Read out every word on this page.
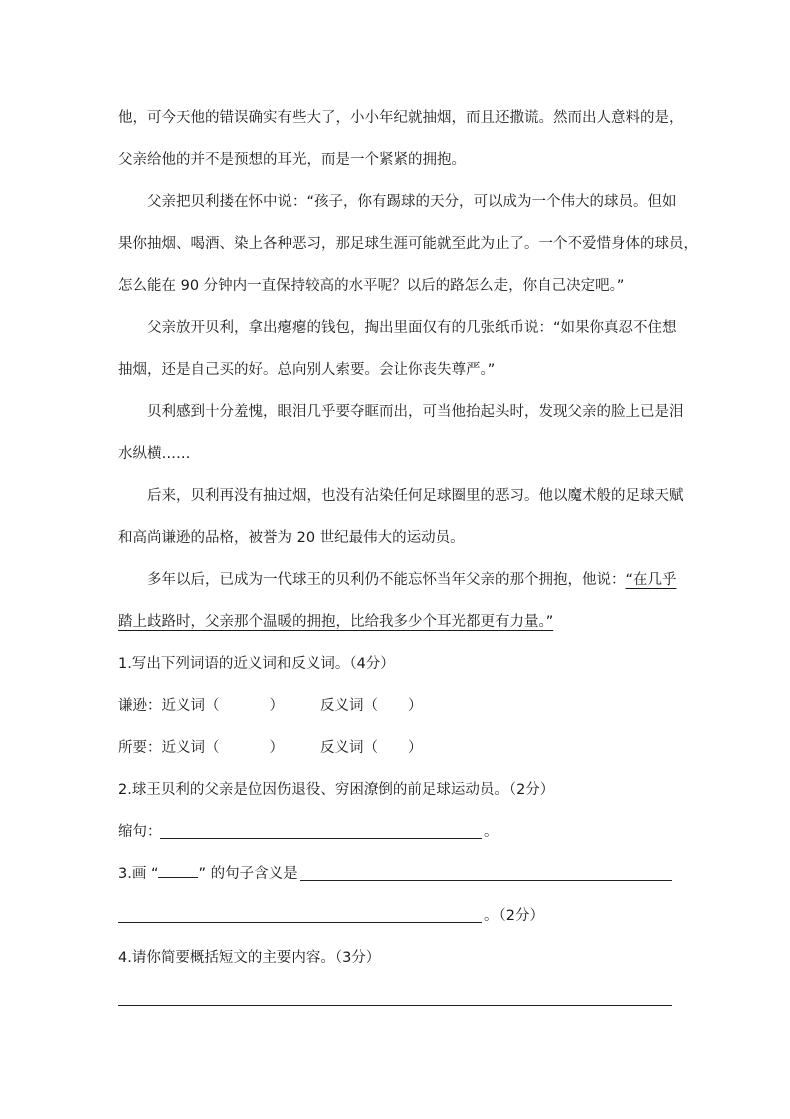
他，可今天他的错误确实有些大了，小小年纪就抽烟，而且还撒谎。然而出人意料的是，
父亲给他的并不是预想的耳光，而是一个紧紧的拥抱。
父亲把贝利搂在怀中说：“孩子，你有踢球的天分，可以成为一个伟大的球员。但如
果你抽烟、喝酒、染上各种恶习，那足球生涯可能就至此为止了。一个不爱惜身体的球员，
怎么能在 90 分钟内一直保持较高的水平呢？以后的路怎么走，你自己决定吧。”
父亲放开贝利，拿出瘪瘪的钱包，掏出里面仅有的几张纸币说：“如果你真忍不住想
抽烟，还是自己买的好。总向别人索要。会让你丧失尊严。”
贝利感到十分羞愧，眼泪几乎要夺眶而出，可当他抬起头时，发现父亲的脸上已是泪
水纵横……
后来，贝利再没有抽过烟，也没有沾染任何足球圈里的恶习。他以魔术般的足球天赋
和高尚谦逊的品格，被誉为 20 世纪最伟大的运动员。
多年以后，已成为一代球王的贝利仍不能忘怀当年父亲的那个拥抱，他说：“在几乎
踏上歧路时，父亲那个温暖的拥抱，比给我多少个耳光都更有力量。”
1.写出下列词语的近义词和反义词。（4分）
谦逊：近义词（	） 反义词（ ）
所要：近义词（	） 反义词（ ）
2.球王贝利的父亲是位因伤退役、穷困潦倒的前足球运动员。（2分）
缩句：	。
3.画 “	” 的句子含义是
。（2分）
4.请你简要概括短文的主要内容。（3分）
